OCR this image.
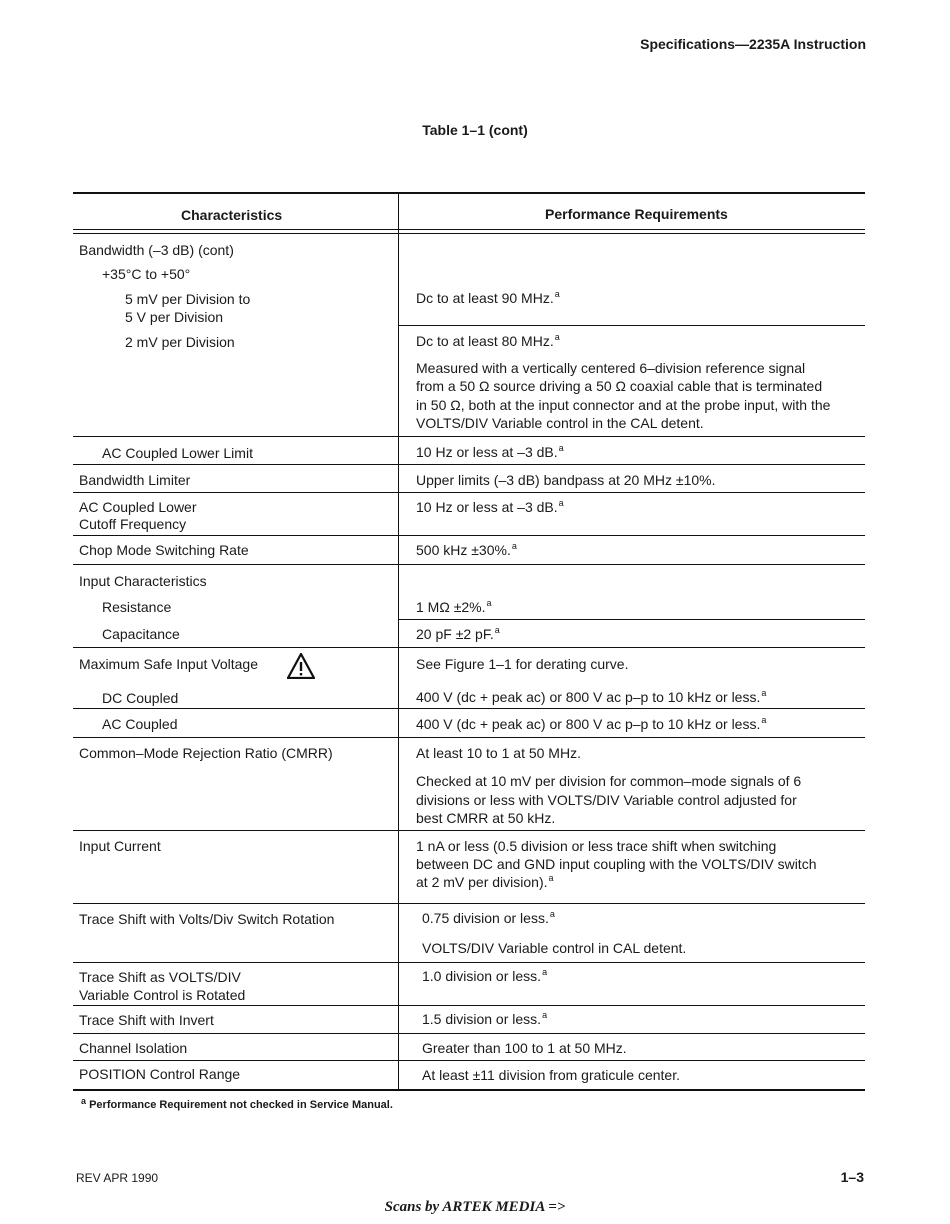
Specifications—2235A Instruction
Table 1–1 (cont)
Characteristics	Performance Requirements
Bandwidth (–3 dB) (cont)
+35°C to +50°
5 mV per Division to
5 V per Division
2 mV per Division
AC Coupled Lower Limit
Bandwidth Limiter
AC Coupled Lower
Cutoff Frequency
Chop Mode Switching Rate
Input Characteristics
Resistance
Capacitance
Maximum Safe Input Voltage
DC Coupled
AC Coupled
Common–Mode Rejection Ratio (CMRR)
Input Current
Trace Shift with Volts/Div Switch Rotation
Trace Shift as VOLTS/DIV
Variable Control is Rotated
Trace Shift with Invert
Channel Isolation
POSITION Control Range
Dc to at least 90 MHz.$^a$
Dc to at least 80 MHz.$^a$
Measured with a vertically centered 6–division reference signal
from a 50 Ω source driving a 50 Ω coaxial cable that is terminated
in 50 Ω, both at the input connector and at the probe input, with the
VOLTS/DIV Variable control in the CAL detent.
10 Hz or less at –3 dB.$^a$
Upper limits (–3 dB) bandpass at 20 MHz ±10%.
10 Hz or less at –3 dB.$^a$
500 kHz ±30%.$^a$
1 MΩ ±2%.$^a$
20 pF ±2 pF.$^a$
See Figure 1–1 for derating curve.
400 V (dc + peak ac) or 800 V ac p–p to 10 kHz or less.$^a$
400 V (dc + peak ac) or 800 V ac p–p to 10 kHz or less.$^a$
At least 10 to 1 at 50 MHz.
Checked at 10 mV per division for common–mode signals of 6
divisions or less with VOLTS/DIV Variable control adjusted for
best CMRR at 50 kHz.
1 nA or less (0.5 division or less trace shift when switching
between DC and GND input coupling with the VOLTS/DIV switch
at 2 mV per division).$^a$
0.75 division or less.$^a$
VOLTS/DIV Variable control in CAL detent.
1.0 division or less.$^a$
1.5 division or less.$^a$
Greater than 100 to 1 at 50 MHz.
At least ±11 division from graticule center.
$^a$ Performance Requirement not checked in Service Manual.
REV APR 1990	1–3
Scans by ARTEK MEDIA =>
